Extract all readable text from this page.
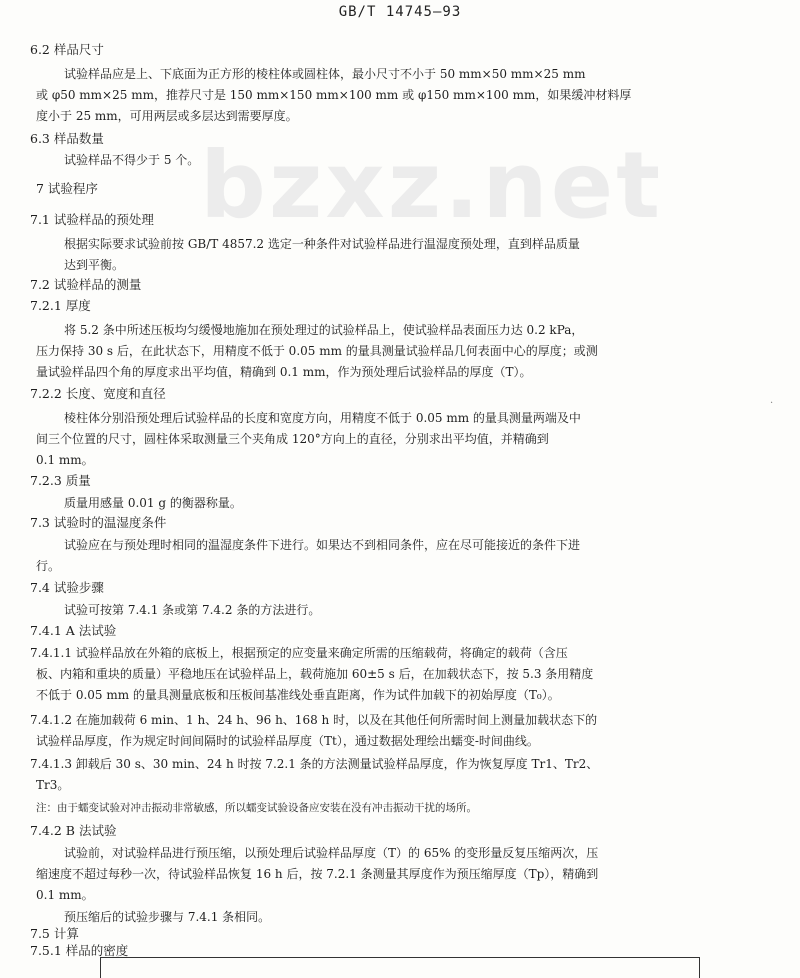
GB/T 14745—93
6.2 样品尺寸
试验样品应是上、下底面为正方形的棱柱体或圆柱体，最小尺寸不小于 50 mm×50 mm×25 mm
或 φ50 mm×25 mm，推荐尺寸是 150 mm×150 mm×100 mm 或 φ150 mm×100 mm，如果缓冲材料厚
度小于 25 mm，可用两层或多层达到需要厚度。
6.3 样品数量
试验样品不得少于 5 个。
7 试验程序
7.1 试验样品的预处理
根据实际要求试验前按 GB/T 4857.2 选定一种条件对试验样品进行温湿度预处理，直到样品质量
达到平衡。
7.2 试验样品的测量
7.2.1 厚度
将 5.2 条中所述压板均匀缓慢地施加在预处理过的试验样品上，使试验样品表面压力达 0.2 kPa，
压力保持 30 s 后，在此状态下，用精度不低于 0.05 mm 的量具测量试验样品几何表面中心的厚度；或测
量试验样品四个角的厚度求出平均值，精确到 0.1 mm，作为预处理后试验样品的厚度（T）。
7.2.2 长度、宽度和直径
棱柱体分别沿预处理后试验样品的长度和宽度方向，用精度不低于 0.05 mm 的量具测量两端及中
间三个位置的尺寸，圆柱体采取测量三个夹角成 120°方向上的直径，分别求出平均值，并精确到
0.1 mm。
7.2.3 质量
质量用感量 0.01 g 的衡器称量。
7.3 试验时的温湿度条件
试验应在与预处理时相同的温湿度条件下进行。如果达不到相同条件，应在尽可能接近的条件下进
行。
7.4 试验步骤
试验可按第 7.4.1 条或第 7.4.2 条的方法进行。
7.4.1 A 法试验
7.4.1.1 试验样品放在外箱的底板上，根据预定的应变量来确定所需的压缩载荷，将确定的载荷（含压
板、内箱和重块的质量）平稳地压在试验样品上，载荷施加 60±5 s 后，在加载状态下，按 5.3 条用精度
不低于 0.05 mm 的量具测量底板和压板间基准线处垂直距离，作为试件加载下的初始厚度（T₀）。
7.4.1.2 在施加载荷 6 min、1 h、24 h、96 h、168 h 时，以及在其他任何所需时间上测量加载状态下的
试验样品厚度，作为规定时间间隔时的试验样品厚度（Tt），通过数据处理绘出蠕变-时间曲线。
7.4.1.3 卸载后 30 s、30 min、24 h 时按 7.2.1 条的方法测量试验样品厚度，作为恢复厚度 Tr1、Tr2、
Tr3。
注：由于蠕变试验对冲击振动非常敏感，所以蠕变试验设备应安装在没有冲击振动干扰的场所。
7.4.2 B 法试验
试验前，对试验样品进行预压缩，以预处理后试验样品厚度（T）的 65% 的变形量反复压缩两次，压
缩速度不超过每秒一次，待试验样品恢复 16 h 后，按 7.2.1 条测量其厚度作为预压缩厚度（Tp），精确到
0.1 mm。
预压缩后的试验步骤与 7.4.1 条相同。
7.5 计算
7.5.1 样品的密度
bzxz.net
·
